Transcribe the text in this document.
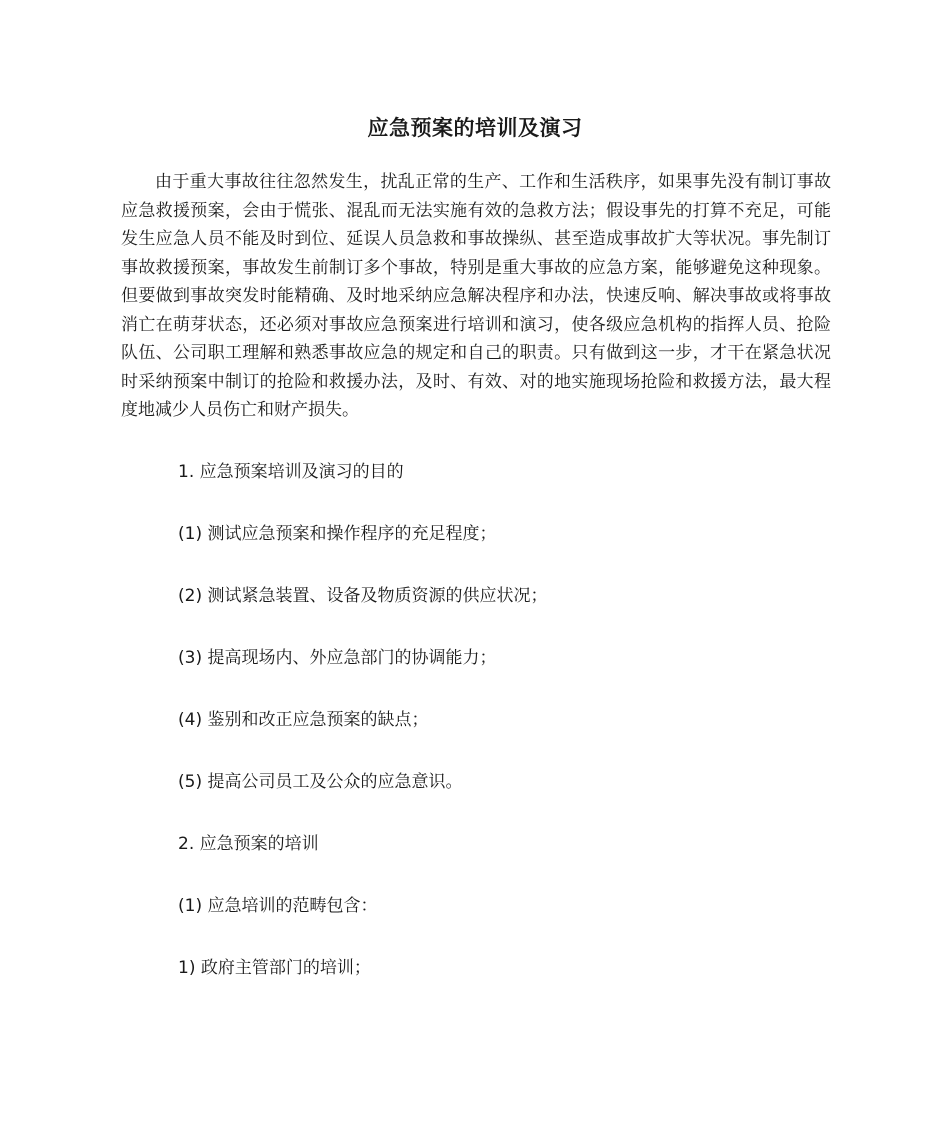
应急预案的培训及演习

由于重大事故往往忽然发生，扰乱正常的生产、工作和生活秩序，如果事先没有制订事故应急救援预案，会由于慌张、混乱而无法实施有效的急救方法；假设事先的打算不充足，可能发生应急人员不能及时到位、延误人员急救和事故操纵、甚至造成事故扩大等状况。事先制订事故救援预案，事故发生前制订多个事故，特别是重大事故的应急方案，能够避免这种现象。但要做到事故突发时能精确、及时地采纳应急解决程序和办法，快速反响、解决事故或将事故消亡在萌芽状态，还必须对事故应急预案进行培训和演习，使各级应急机构的指挥人员、抢险队伍、公司职工理解和熟悉事故应急的规定和自己的职责。只有做到这一步，才干在紧急状况时采纳预案中制订的抢险和救援办法，及时、有效、对的地实施现场抢险和救援方法，最大程度地减少人员伤亡和财产损失。

1. 应急预案培训及演习的目的

(1) 测试应急预案和操作程序的充足程度；

(2) 测试紧急装置、设备及物质资源的供应状况；

(3) 提高现场内、外应急部门的协调能力；

(4) 鉴别和改正应急预案的缺点；

(5) 提高公司员工及公众的应急意识。

2. 应急预案的培训

(1) 应急培训的范畴包含：

1) 政府主管部门的培训；
